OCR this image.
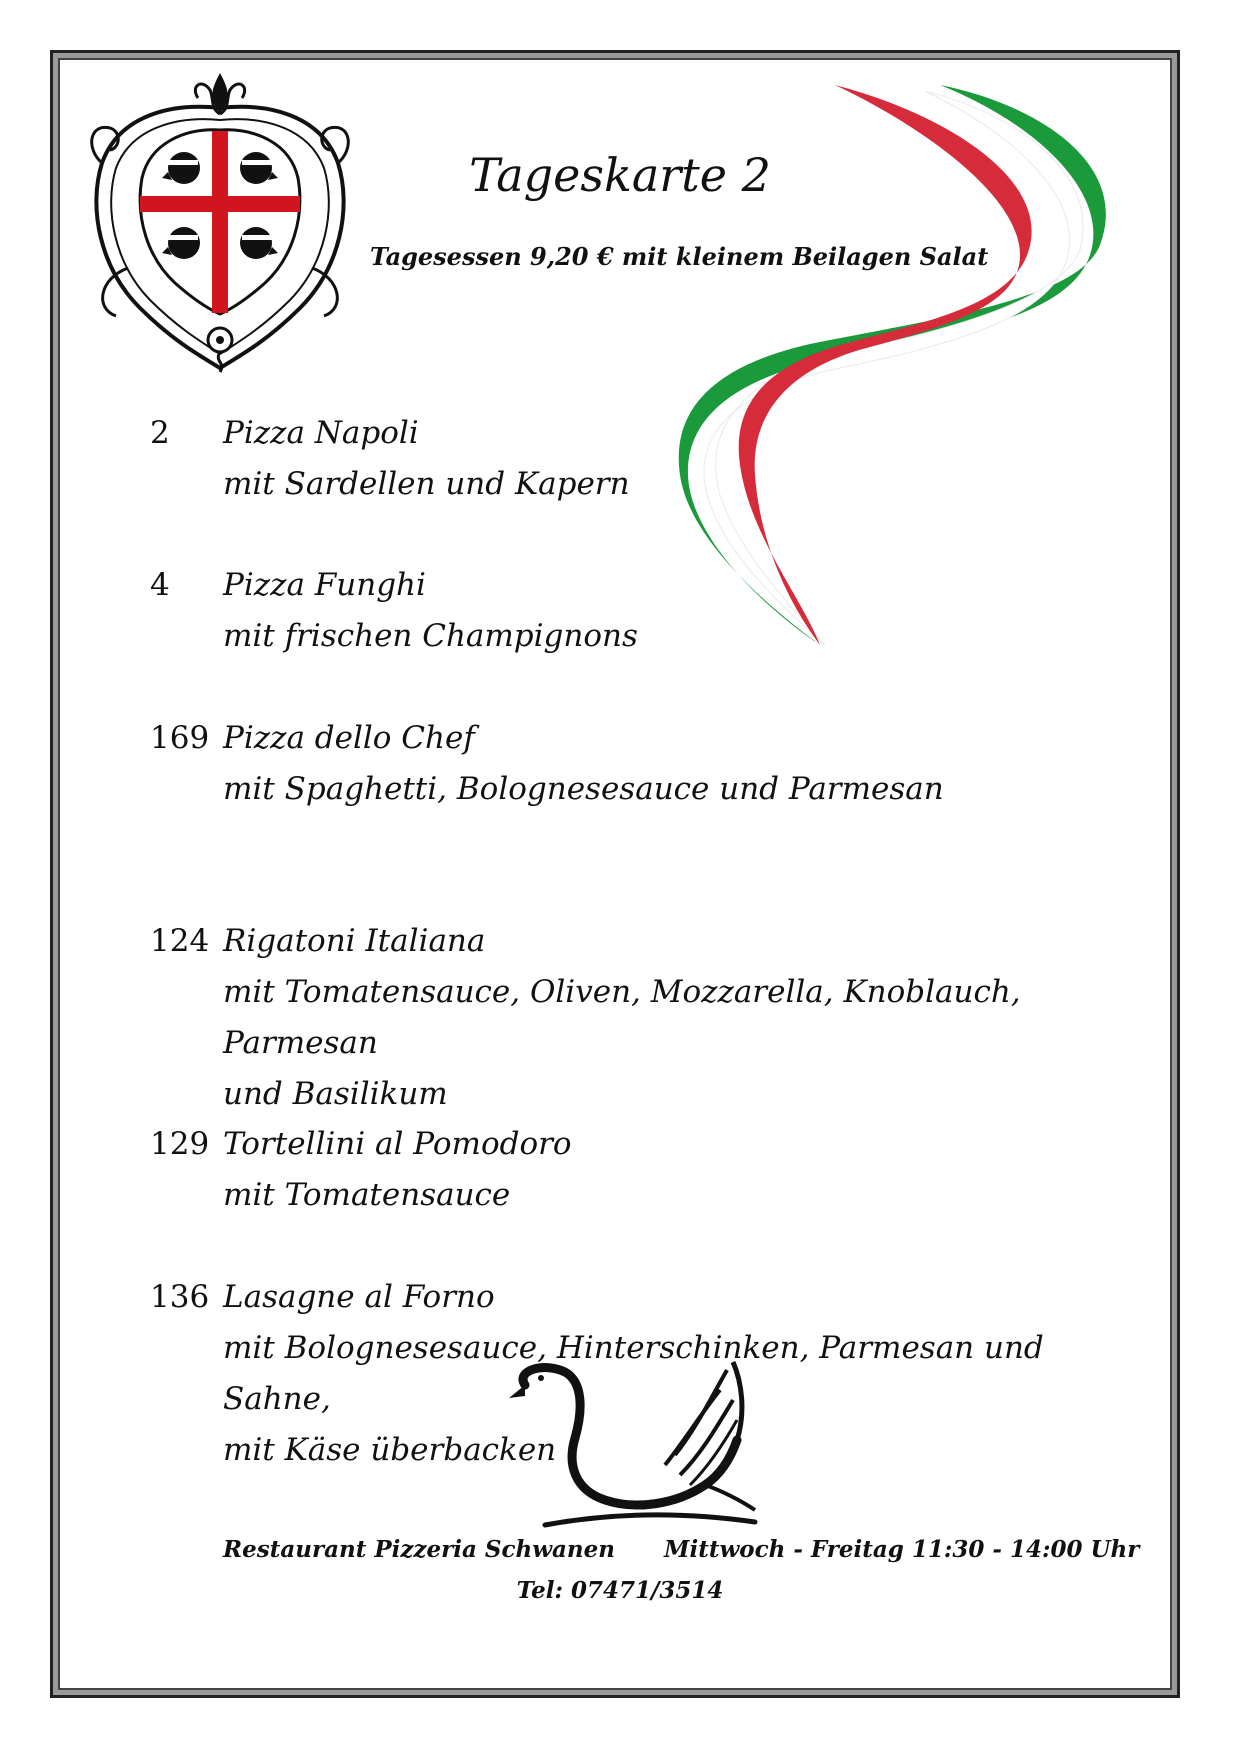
Tageskarte 2
Tagesessen 9,20 € mit kleinem Beilagen Salat
2	Pizza Napoli
mit Sardellen und Kapern
4	Pizza Funghi
mit frischen Champignons
169 Pizza dello Chef
mit Spaghetti, Bolognesesauce und Parmesan
124 Rigatoni Italiana
mit Tomatensauce, Oliven, Mozzarella, Knoblauch, Parmesan
und Basilikum
129 Tortellini al Pomodoro
mit Tomatensauce
136 Lasagne al Forno
mit Bolognesesauce, Hinterschinken, Parmesan und Sahne,
mit Käse überbacken
Restaurant Pizzeria Schwanen Mittwoch - Freitag 11:30 - 14:00 Uhr
Tel: 07471/3514
